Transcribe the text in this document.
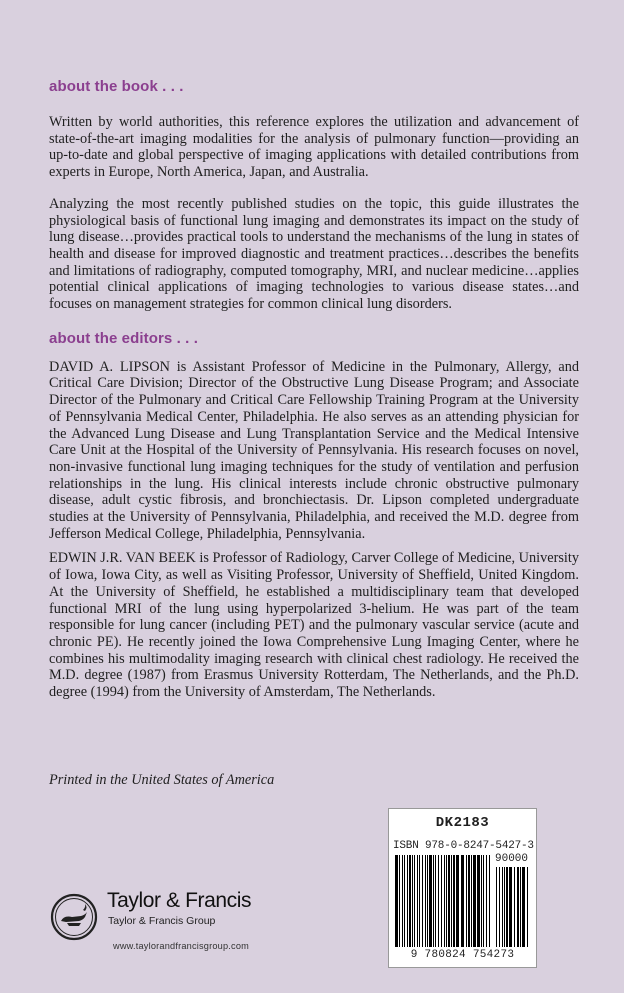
about the book . . .

Written by world authorities, this reference explores the utilization and advancement of state-of-the-art imaging modalities for the analysis of pulmonary function—providing an up-to-date and global perspective of imaging applications with detailed contributions from experts in Europe, North America, Japan, and Australia.

Analyzing the most recently published studies on the topic, this guide illustrates the physiological basis of functional lung imaging and demonstrates its impact on the study of lung disease…provides practical tools to understand the mechanisms of the lung in states of health and disease for improved diagnostic and treatment practices…describes the benefits and limitations of radiography, computed tomography, MRI, and nuclear medicine…applies potential clinical applications of imaging technologies to various disease states…and focuses on management strategies for common clinical lung disorders.

about the editors . . .

DAVID A. LIPSON is Assistant Professor of Medicine in the Pulmonary, Allergy, and Critical Care Division; Director of the Obstructive Lung Disease Program; and Associate Director of the Pulmonary and Critical Care Fellowship Training Program at the University of Pennsylvania Medical Center, Philadelphia. He also serves as an attending physician for the Advanced Lung Disease and Lung Transplantation Service and the Medical Intensive Care Unit at the Hospital of the University of Pennsylvania. His research focuses on novel, non-invasive functional lung imaging techniques for the study of ventilation and perfusion relationships in the lung. His clinical interests include chronic obstructive pulmonary disease, adult cystic fibrosis, and bronchiectasis. Dr. Lipson completed undergraduate studies at the University of Pennsylvania, Philadelphia, and received the M.D. degree from Jefferson Medical College, Philadelphia, Pennsylvania.

EDWIN J.R. VAN BEEK is Professor of Radiology, Carver College of Medicine, University of Iowa, Iowa City, as well as Visiting Professor, University of Sheffield, United Kingdom. At the University of Sheffield, he established a multidisciplinary team that developed functional MRI of the lung using hyperpolarized 3-helium. He was part of the team responsible for lung cancer (including PET) and the pulmonary vascular service (acute and chronic PE). He recently joined the Iowa Comprehensive Lung Imaging Center, where he combines his multimodality imaging research with clinical chest radiology. He received the M.D. degree (1987) from Erasmus University Rotterdam, The Netherlands, and the Ph.D. degree (1994) from the University of Amsterdam, The Netherlands.

Printed in the United States of America

DK2183
ISBN 978-0-8247-5427-3
90000
9 780824 754273
Taylor & Francis
Taylor & Francis Group
www.taylorandfrancisgroup.com
